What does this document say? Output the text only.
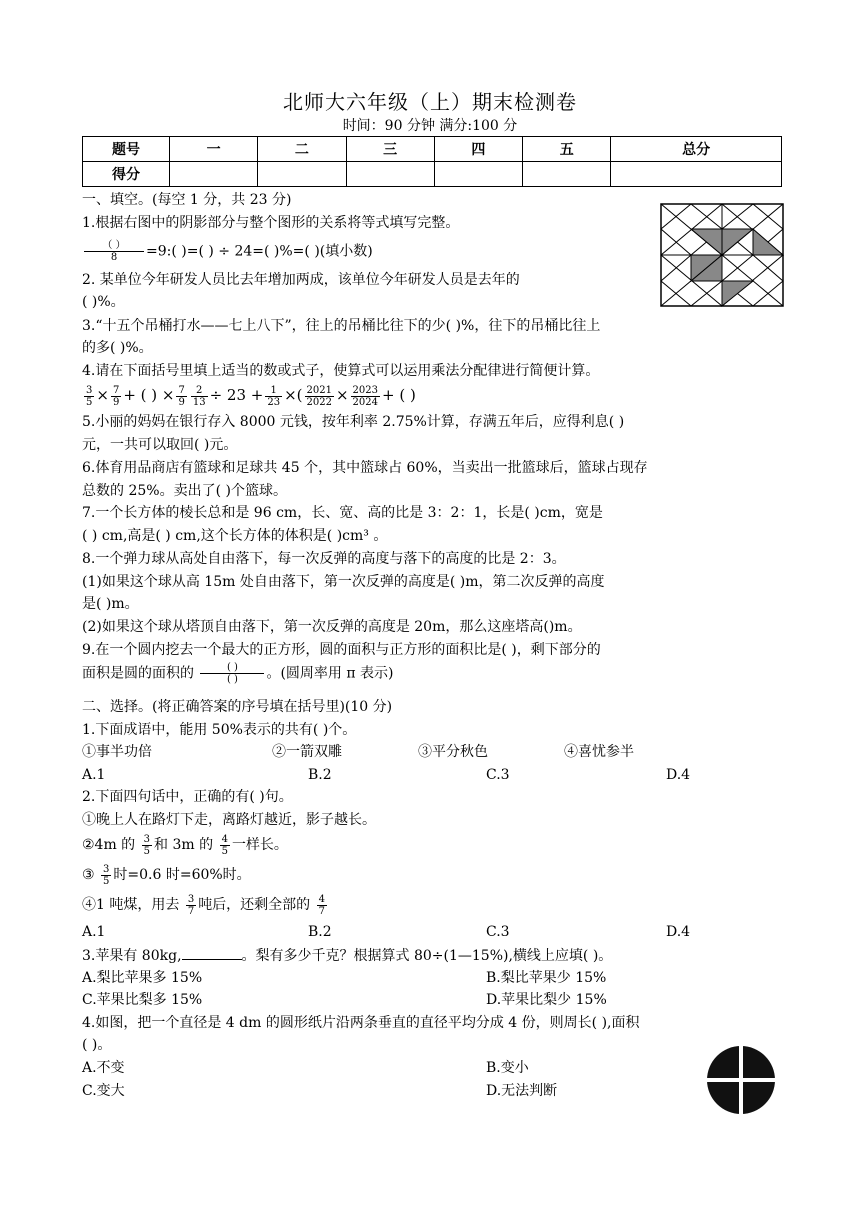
北师大六年级（上）期末检测卷
时间：90 分钟 满分:100 分
题号	一	二	三	四	五	总分
得分						
一、填空。(每空 1 分，共 23 分)
1.根据右图中的阴影部分与整个图形的关系将等式填写完整。
$\frac{( )}{8}$ =9:( )=( ) ÷ 24=( )%=( )(填小数)
2. 某单位今年研发人员比去年增加两成，该单位今年研发人员是去年的
( )%。
3.“十五个吊桶打水——七上八下”，往上的吊桶比往下的少( )%，往下的吊桶比往上
的多( )%。
4.请在下面括号里填上适当的数或式子，使算式可以运用乘法分配律进行简便计算。
$\frac{3}{5} \times \frac{7}{9}$ + ( ) × $\frac{7}{9} \frac{2}{13} \div 23 + \frac{1}{23}$ ×( $\frac{2021}{2022} \times \frac{2023}{2024}$ + ( )
5.小丽的妈妈在银行存入 8000 元钱，按年利率 2.75%计算，存满五年后，应得利息( )
元，一共可以取回( )元。
6.体育用品商店有篮球和足球共 45 个，其中篮球占 60%，当卖出一批篮球后，篮球占现存
总数的 25%。卖出了( )个篮球。
7.一个长方体的棱长总和是 96 cm，长、宽、高的比是 3：2：1，长是( )cm，宽是
( ) cm,高是( ) cm,这个长方体的体积是( )cm³ 。
8.一个弹力球从高处自由落下，每一次反弹的高度与落下的高度的比是 2：3。
(1)如果这个球从高 15m 处自由落下，第一次反弹的高度是( )m，第二次反弹的高度
是( )m。
(2)如果这个球从塔顶自由落下，第一次反弹的高度是 20m，那么这座塔高()m。
9.在一个圆内挖去一个最大的正方形，圆的面积与正方形的面积比是( )，剩下部分的
面积是圆的面积的 $\frac{( )}{( )}$ 。(圆周率用 π 表示)
二、选择。(将正确答案的序号填在括号里)(10 分)
1.下面成语中，能用 50%表示的共有( )个。
①事半功倍	②一箭双雕	③平分秋色	④喜忧参半
A.1	B.2	C.3	D.4
2.下面四句话中，正确的有( )句。
①晚上人在路灯下走，离路灯越近，影子越长。
②4m 的 $\frac{3}{5}$ 和 3m 的 $\frac{4}{5}$ 一样长。
③ $\frac{3}{5}$ 时=0.6 时=60%时。
④1 吨煤，用去 $\frac{3}{7}$ 吨后，还剩全部的 $\frac{4}{7}$
A.1	B.2	C.3	D.4
3.苹果有 80kg,	。梨有多少千克？根据算式 80÷(1—15%),横线上应填( )。
A.梨比苹果多 15%	B.梨比苹果少 15%
C.苹果比梨多 15%	D.苹果比梨少 15%
4.如图，把一个直径是 4 dm 的圆形纸片沿两条垂直的直径平均分成 4 份，则周长( ),面积
( )。
A.不变	B.变小
C.变大	D.无法判断
